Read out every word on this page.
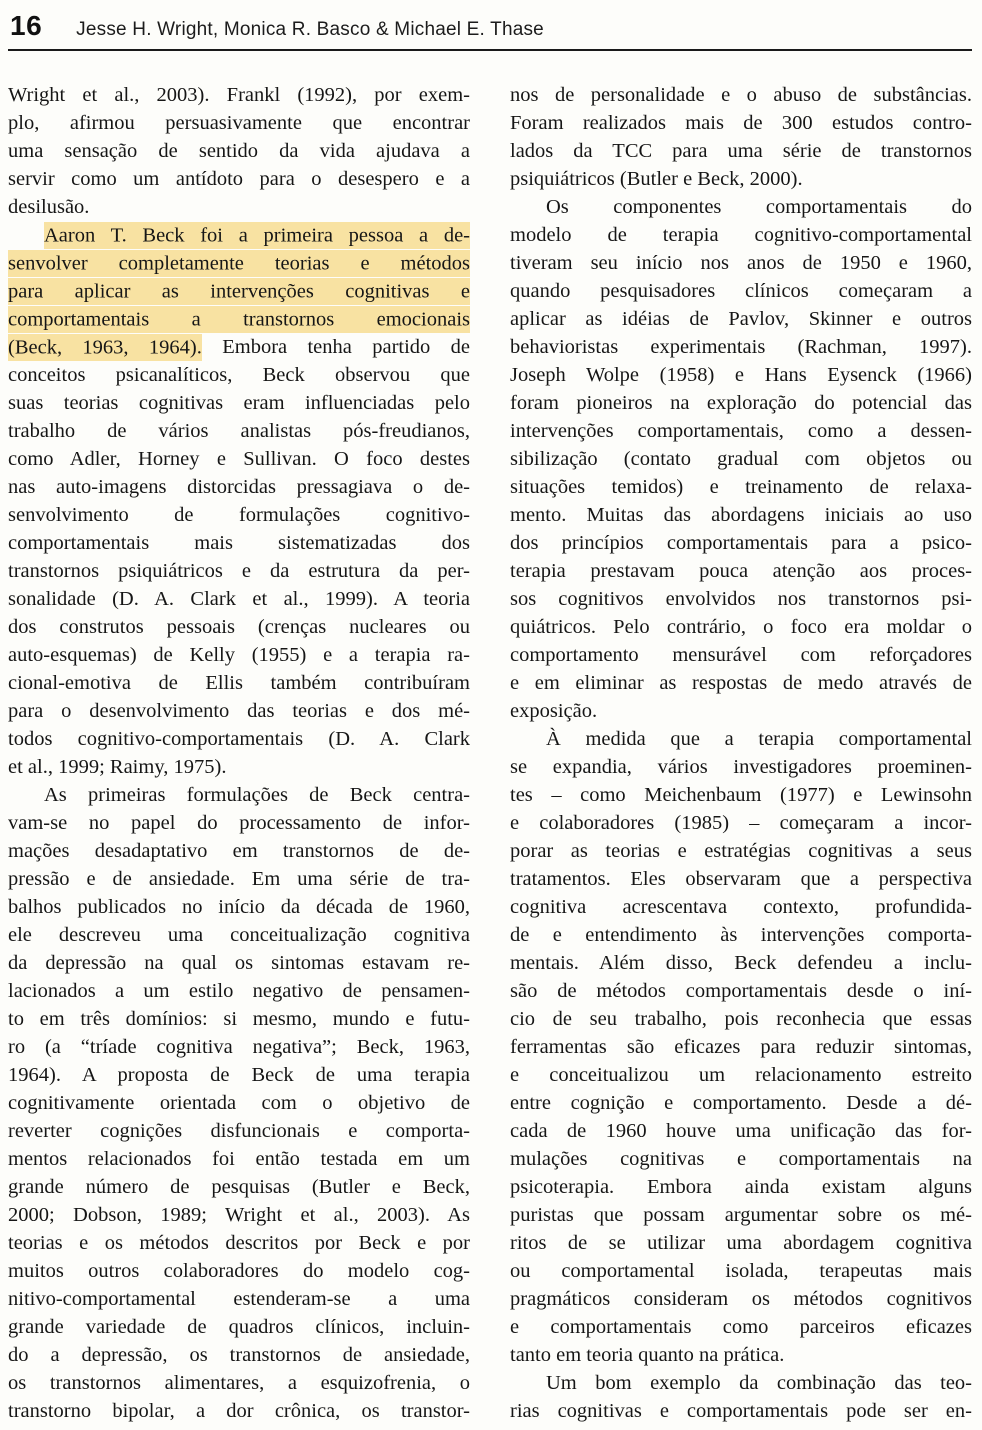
16 Jesse H. Wright, Monica R. Basco & Michael E. Thase
Wright et al., 2003). Frankl (1992), por exem-
plo, afirmou persuasivamente que encontrar
uma sensação de sentido da vida ajudava a
servir como um antídoto para o desespero e a
desilusão.
Aaron T. Beck foi a primeira pessoa a de-
senvolver completamente teorias e métodos
para aplicar as intervenções cognitivas e
comportamentais a transtornos emocionais
(Beck, 1963, 1964). Embora tenha partido de
conceitos psicanalíticos, Beck observou que
suas teorias cognitivas eram influenciadas pelo
trabalho de vários analistas pós-freudianos,
como Adler, Horney e Sullivan. O foco destes
nas auto-imagens distorcidas pressagiava o de-
senvolvimento de formulações cognitivo-
comportamentais mais sistematizadas dos
transtornos psiquiátricos e da estrutura da per-
sonalidade (D. A. Clark et al., 1999). A teoria
dos construtos pessoais (crenças nucleares ou
auto-esquemas) de Kelly (1955) e a terapia ra-
cional-emotiva de Ellis também contribuíram
para o desenvolvimento das teorias e dos mé-
todos cognitivo-comportamentais (D. A. Clark
et al., 1999; Raimy, 1975).
As primeiras formulações de Beck centra-
vam-se no papel do processamento de infor-
mações desadaptativo em transtornos de de-
pressão e de ansiedade. Em uma série de tra-
balhos publicados no início da década de 1960,
ele descreveu uma conceitualização cognitiva
da depressão na qual os sintomas estavam re-
lacionados a um estilo negativo de pensamen-
to em três domínios: si mesmo, mundo e futu-
ro (a “tríade cognitiva negativa”; Beck, 1963,
1964). A proposta de Beck de uma terapia
cognitivamente orientada com o objetivo de
reverter cognições disfuncionais e comporta-
mentos relacionados foi então testada em um
grande número de pesquisas (Butler e Beck,
2000; Dobson, 1989; Wright et al., 2003). As
teorias e os métodos descritos por Beck e por
muitos outros colaboradores do modelo cog-
nitivo-comportamental estenderam-se a uma
grande variedade de quadros clínicos, incluin-
do a depressão, os transtornos de ansiedade,
os transtornos alimentares, a esquizofrenia, o
transtorno bipolar, a dor crônica, os transtor-
nos de personalidade e o abuso de substâncias.
Foram realizados mais de 300 estudos contro-
lados da TCC para uma série de transtornos
psiquiátricos (Butler e Beck, 2000).
Os componentes comportamentais do
modelo de terapia cognitivo-comportamental
tiveram seu início nos anos de 1950 e 1960,
quando pesquisadores clínicos começaram a
aplicar as idéias de Pavlov, Skinner e outros
behavioristas experimentais (Rachman, 1997).
Joseph Wolpe (1958) e Hans Eysenck (1966)
foram pioneiros na exploração do potencial das
intervenções comportamentais, como a dessen-
sibilização (contato gradual com objetos ou
situações temidos) e treinamento de relaxa-
mento. Muitas das abordagens iniciais ao uso
dos princípios comportamentais para a psico-
terapia prestavam pouca atenção aos proces-
sos cognitivos envolvidos nos transtornos psi-
quiátricos. Pelo contrário, o foco era moldar o
comportamento mensurável com reforçadores
e em eliminar as respostas de medo através de
exposição.
À medida que a terapia comportamental
se expandia, vários investigadores proeminen-
tes – como Meichenbaum (1977) e Lewinsohn
e colaboradores (1985) – começaram a incor-
porar as teorias e estratégias cognitivas a seus
tratamentos. Eles observaram que a perspectiva
cognitiva acrescentava contexto, profundida-
de e entendimento às intervenções comporta-
mentais. Além disso, Beck defendeu a inclu-
são de métodos comportamentais desde o iní-
cio de seu trabalho, pois reconhecia que essas
ferramentas são eficazes para reduzir sintomas,
e conceitualizou um relacionamento estreito
entre cognição e comportamento. Desde a dé-
cada de 1960 houve uma unificação das for-
mulações cognitivas e comportamentais na
psicoterapia. Embora ainda existam alguns
puristas que possam argumentar sobre os mé-
ritos de se utilizar uma abordagem cognitiva
ou comportamental isolada, terapeutas mais
pragmáticos consideram os métodos cognitivos
e comportamentais como parceiros eficazes
tanto em teoria quanto na prática.
Um bom exemplo da combinação das teo-
rias cognitivas e comportamentais pode ser en-
